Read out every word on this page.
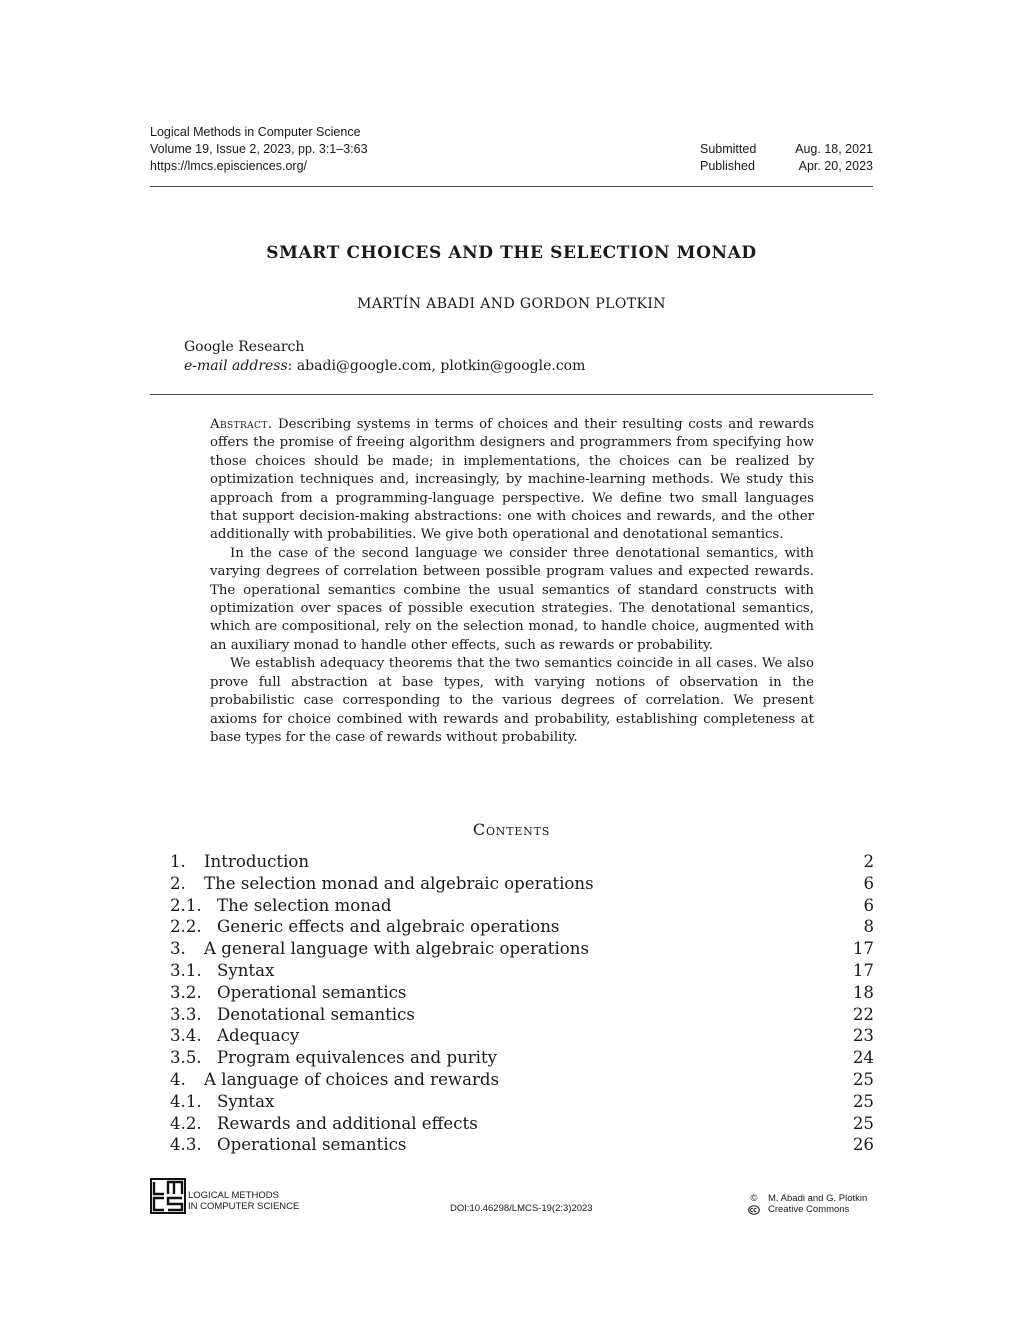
Logical Methods in Computer Science
Volume 19, Issue 2, 2023, pp. 3:1–3:63
https://lmcs.episciences.org/
Submitted	Aug. 18, 2021
Published	Apr. 20, 2023
SMART CHOICES AND THE SELECTION MONAD
MARTÍN ABADI AND GORDON PLOTKIN
Google Research
e-mail address: abadi@google.com, plotkin@google.com

Abstract. Describing systems in terms of choices and their resulting costs and rewards offers the promise of freeing algorithm designers and programmers from specifying how those choices should be made; in implementations, the choices can be realized by optimization techniques and, increasingly, by machine-learning methods. We study this approach from a programming-language perspective. We define two small languages that support decision-making abstractions: one with choices and rewards, and the other additionally with probabilities. We give both operational and denotational semantics.

In the case of the second language we consider three denotational semantics, with varying degrees of correlation between possible program values and expected rewards. The operational semantics combine the usual semantics of standard constructs with optimization over spaces of possible execution strategies. The denotational semantics, which are compositional, rely on the selection monad, to handle choice, augmented with an auxiliary monad to handle other effects, such as rewards or probability.

We establish adequacy theorems that the two semantics coincide in all cases. We also prove full abstraction at base types, with varying notions of observation in the probabilistic case corresponding to the various degrees of correlation. We present axioms for choice combined with rewards and probability, establishing completeness at base types for the case of rewards without probability.

Contents
1. Introduction	2
2. The selection monad and algebraic operations	6
2.1. The selection monad	6
2.2. Generic effects and algebraic operations	8
3. A general language with algebraic operations	17
3.1. Syntax	17
3.2. Operational semantics	18
3.3. Denotational semantics	22
3.4. Adequacy	23
3.5. Program equivalences and purity	24
4. A language of choices and rewards	25
4.1. Syntax	25
4.2. Rewards and additional effects	25
4.3. Operational semantics	26
LOGICAL METHODS
IN COMPUTER SCIENCE	DOI:10.46298/LMCS-19(2:3)2023
© M. Abadi and G. Plotkin
Creative Commons
